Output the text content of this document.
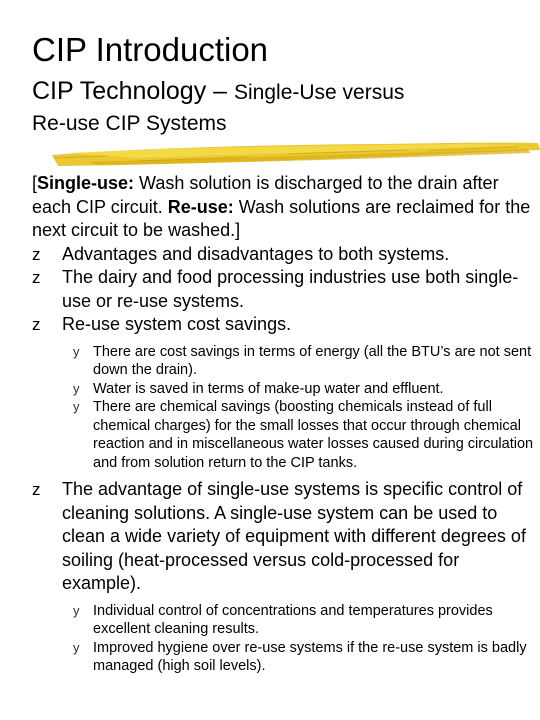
CIP Introduction
CIP Technology – Single-Use versus
Re-use CIP Systems

[Single-use: Wash solution is discharged to the drain after each CIP circuit. Re-use: Wash solutions are reclaimed for the next circuit to be washed.]

z Advantages and disadvantages to both systems.

z The dairy and food processing industries use both single-use or re-use systems.

z Re-use system cost savings.

y There are cost savings in terms of energy (all the BTU’s are not sent down the drain).

y Water is saved in terms of make-up water and effluent.

y There are chemical savings (boosting chemicals instead of full chemical charges) for the small losses that occur through chemical reaction and in miscellaneous water losses caused during circulation and from solution return to the CIP tanks.

z The advantage of single-use systems is specific control of cleaning solutions. A single-use system can be used to clean a wide variety of equipment with different degrees of soiling (heat-processed versus cold-processed for example).

y Individual control of concentrations and temperatures provides excellent cleaning results.

y Improved hygiene over re-use systems if the re-use system is badly managed (high soil levels).
